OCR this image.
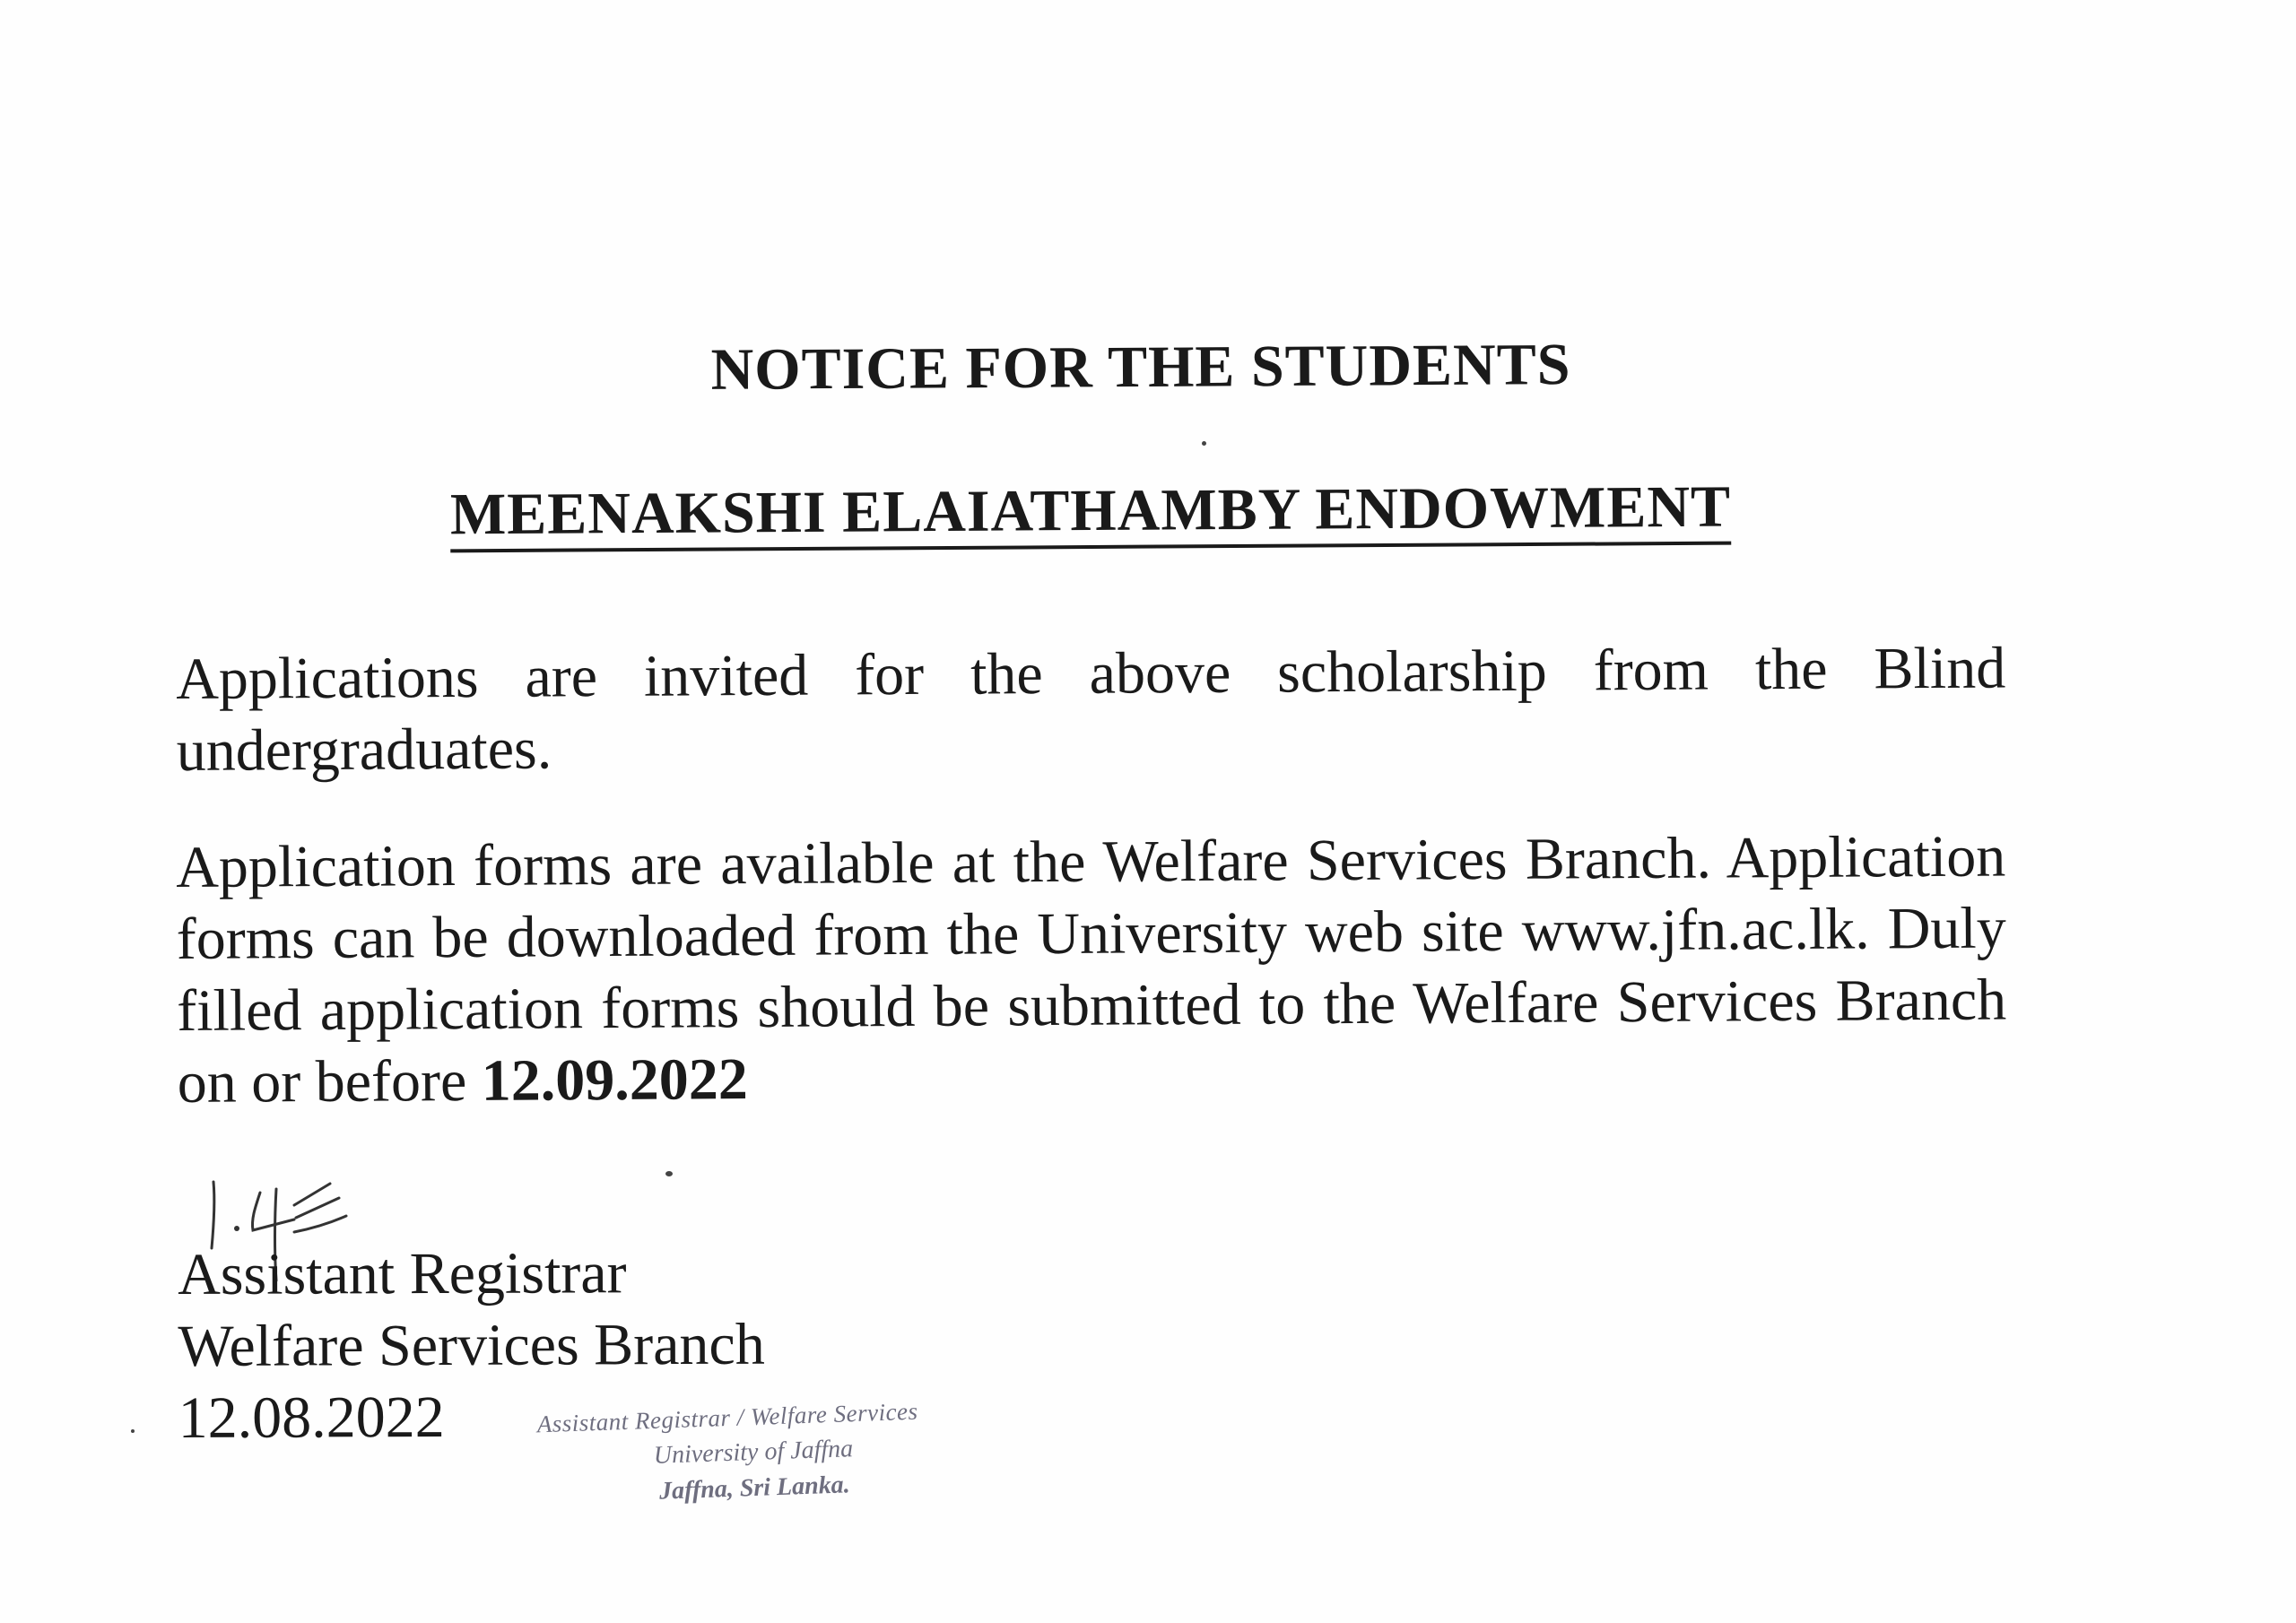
NOTICE FOR THE STUDENTS
MEENAKSHI ELAIATHAMBY ENDOWMENT
Applications are invited for the above scholarship from the Blind undergraduates.
Application forms are available at the Welfare Services Branch. Application forms can be downloaded from the University web site www.jfn.ac.lk. Duly filled application forms should be submitted to the Welfare Services Branch on or before 12.09.2022
Assistant Registrar
Welfare Services Branch
12.08.2022	Assistant Registrar / Welfare Services
University of Jaffna
Jaffna, Sri Lanka.
